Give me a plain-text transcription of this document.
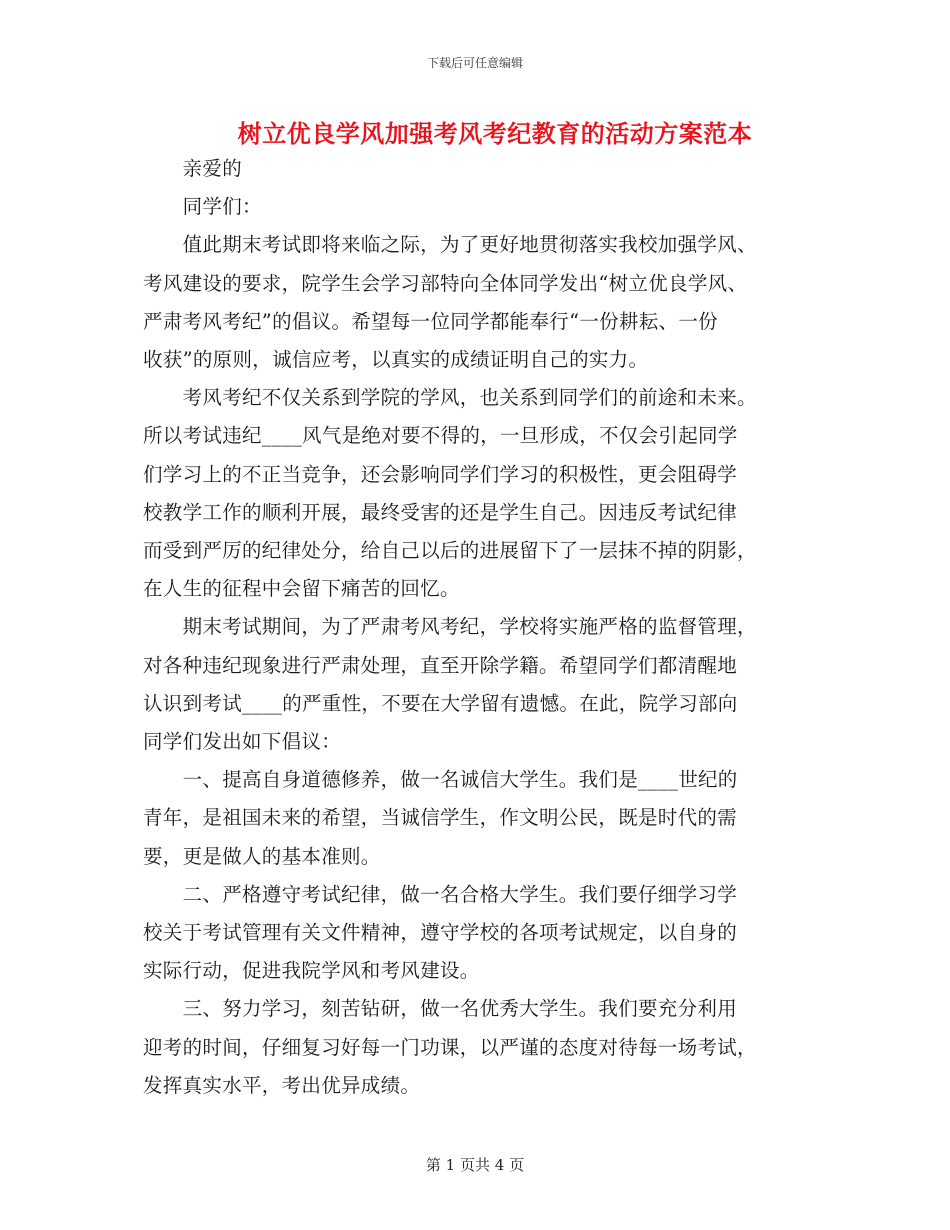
下载后可任意编辑
树立优良学风加强考风考纪教育的活动方案范本
　　亲爱的
　　同学们：
　　值此期末考试即将来临之际，为了更好地贯彻落实我校加强学风、
考风建设的要求，院学生会学习部特向全体同学发出“树立优良学风、
严肃考风考纪”的倡议。希望每一位同学都能奉行“一份耕耘、一份
收获”的原则，诚信应考，以真实的成绩证明自己的实力。
　　考风考纪不仅关系到学院的学风，也关系到同学们的前途和未来。
所以考试违纪____风气是绝对要不得的，一旦形成，不仅会引起同学
们学习上的不正当竞争，还会影响同学们学习的积极性，更会阻碍学
校教学工作的顺利开展，最终受害的还是学生自己。因违反考试纪律
而受到严厉的纪律处分，给自己以后的进展留下了一层抹不掉的阴影，
在人生的征程中会留下痛苦的回忆。
　　期末考试期间，为了严肃考风考纪，学校将实施严格的监督管理，
对各种违纪现象进行严肃处理，直至开除学籍。希望同学们都清醒地
认识到考试____的严重性，不要在大学留有遗憾。在此，院学习部向
同学们发出如下倡议：
　　一、提高自身道德修养，做一名诚信大学生。我们是____世纪的
青年，是祖国未来的希望，当诚信学生，作文明公民，既是时代的需
要，更是做人的基本准则。
　　二、严格遵守考试纪律，做一名合格大学生。我们要仔细学习学
校关于考试管理有关文件精神，遵守学校的各项考试规定，以自身的
实际行动，促进我院学风和考风建设。
　　三、努力学习，刻苦钻研，做一名优秀大学生。我们要充分利用
迎考的时间，仔细复习好每一门功课，以严谨的态度对待每一场考试，
发挥真实水平，考出优异成绩。
第 1 页共 4 页
